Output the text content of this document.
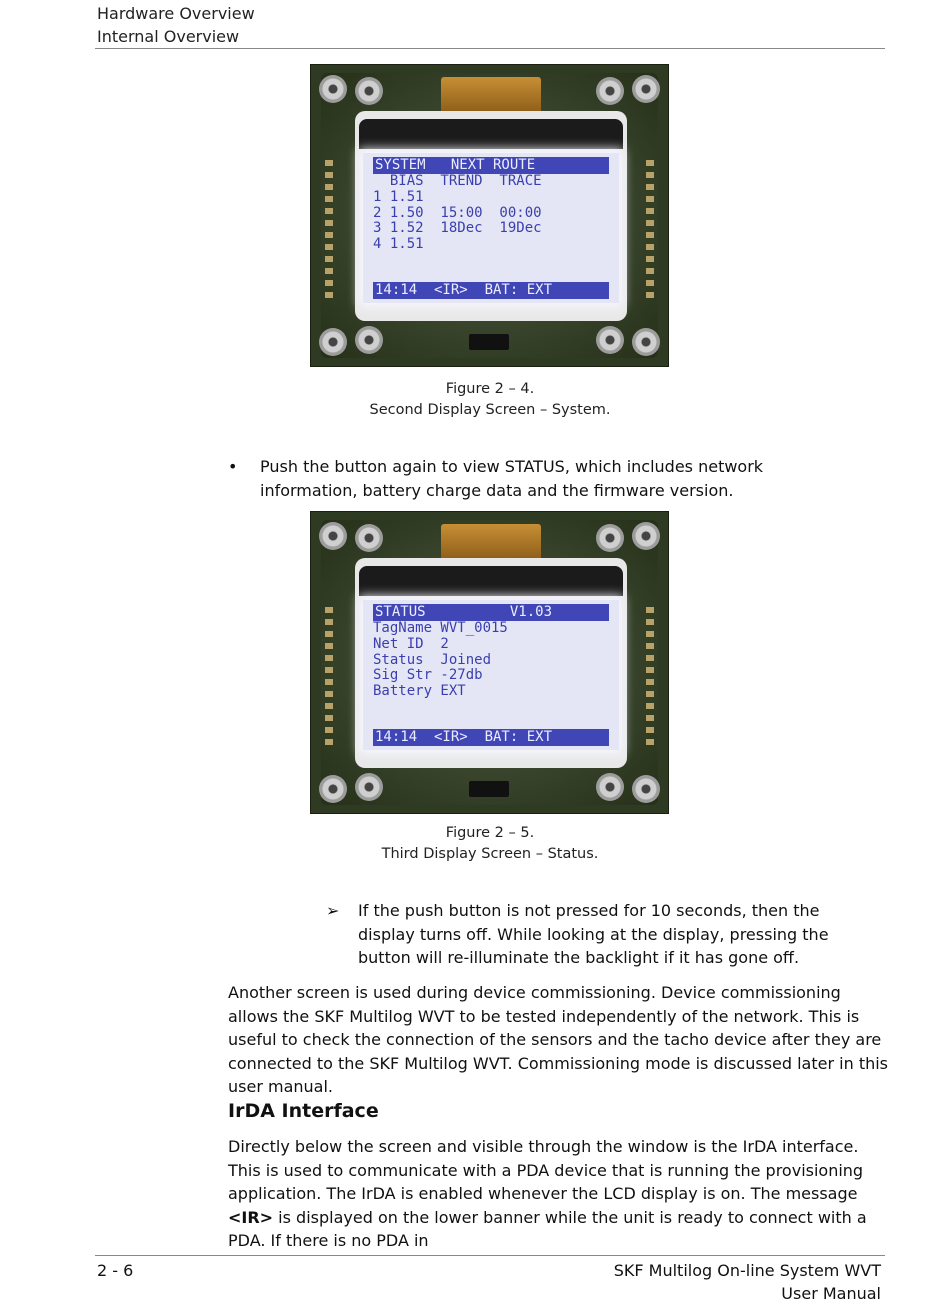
Hardware Overview
Internal Overview
SYSTEM   NEXT ROUTE
BIAS  TREND  TRACE
1 1.51
2 1.50  15:00  00:00
3 1.52  18Dec  19Dec
4 1.51
14:14  <IR>  BAT: EXT
Figure 2 – 4.
Second Display Screen – System.
• Push the button again to view STATUS, which includes network information, battery charge data and the firmware version.
STATUS          V1.03
TagName WVT_0015
Net ID  2
Status  Joined
Sig Str -27db
Battery EXT
14:14  <IR>  BAT: EXT
Figure 2 – 5.
Third Display Screen – Status.
➢ If the push button is not pressed for 10 seconds, then the display turns off. While looking at the display, pressing the button will re-illuminate the backlight if it has gone off.
Another screen is used during device commissioning. Device commissioning allows the SKF Multilog WVT to be tested independently of the network. This is useful to check the connection of the sensors and the tacho device after they are connected to the SKF Multilog WVT. Commissioning mode is discussed later in this user manual.
IrDA Interface
Directly below the screen and visible through the window is the IrDA interface. This is used to communicate with a PDA device that is running the provisioning application. The IrDA is enabled whenever the LCD display is on. The message <IR> is displayed on the lower banner while the unit is ready to connect with a PDA. If there is no PDA in
2 - 6	SKF Multilog On-line System WVT
User Manual
